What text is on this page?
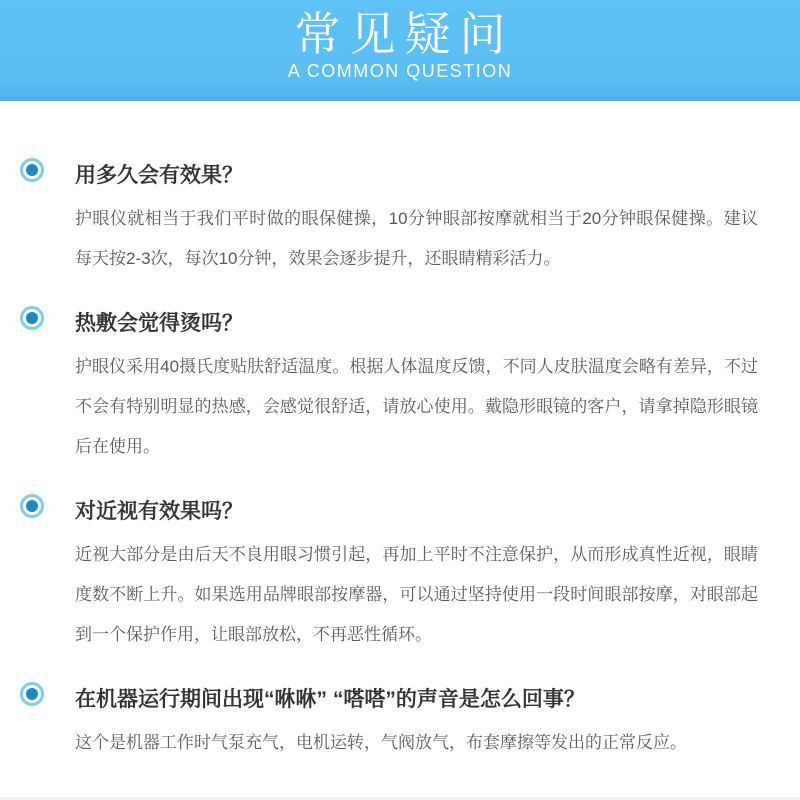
常见疑问
A COMMON QUESTION
用多久会有效果？

护眼仪就相当于我们平时做的眼保健操，10分钟眼部按摩就相当于20分钟眼保健操。建议每天按2-3次，每次10分钟，效果会逐步提升，还眼睛精彩活力。

热敷会觉得烫吗？

护眼仪采用40摄氏度贴肤舒适温度。根据人体温度反馈，不同人皮肤温度会略有差异，不过不会有特别明显的热感，会感觉很舒适，请放心使用。戴隐形眼镜的客户，请拿掉隐形眼镜后在使用。

对近视有效果吗？

近视大部分是由后天不良用眼习惯引起，再加上平时不注意保护，从而形成真性近视，眼睛度数不断上升。如果选用品牌眼部按摩器，可以通过坚持使用一段时间眼部按摩，对眼部起到一个保护作用，让眼部放松，不再恶性循环。

在机器运行期间出现“咻咻” “嗒嗒”的声音是怎么回事？

这个是机器工作时气泵充气，电机运转，气阀放气，布套摩擦等发出的正常反应。
